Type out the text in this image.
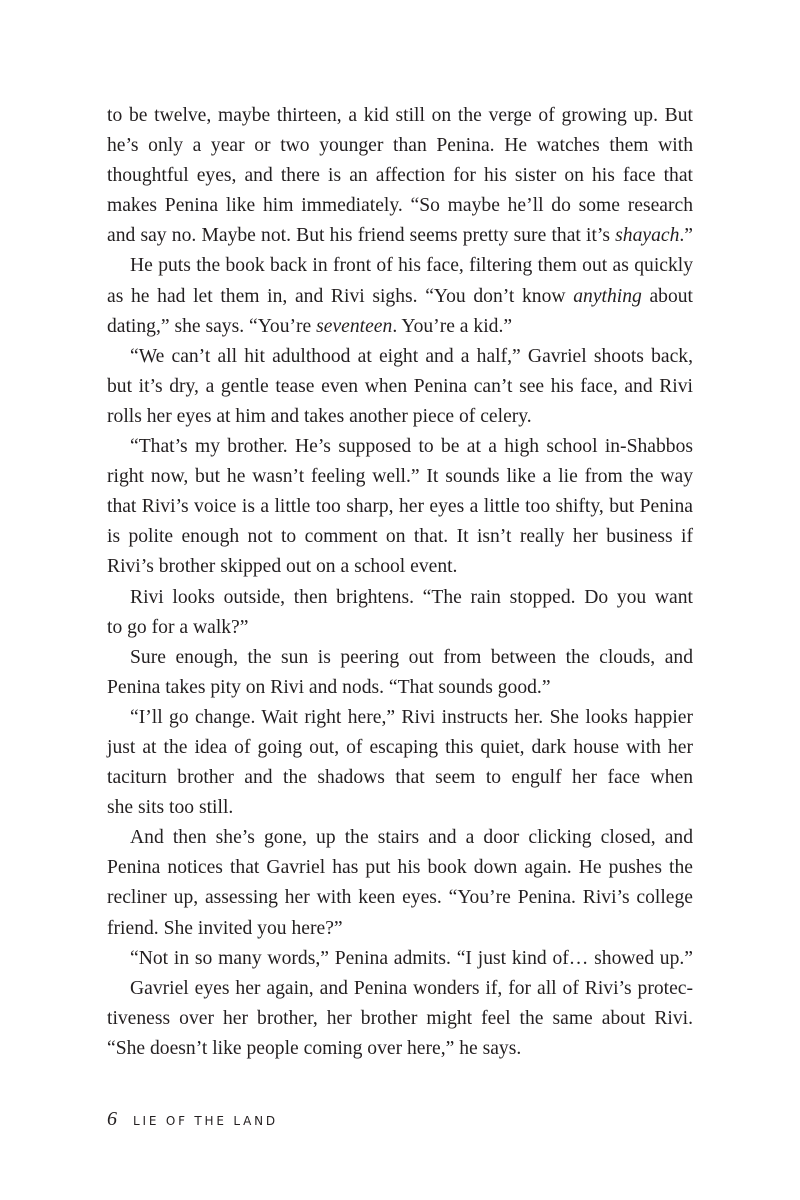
to be twelve, maybe thirteen, a kid still on the verge of growing up. But
he’s only a year or two younger than Penina. He watches them with
thoughtful eyes, and there is an affection for his sister on his face that
makes Penina like him immediately. “So maybe he’ll do some research
and say no. Maybe not. But his friend seems pretty sure that it’s shayach.”
He puts the book back in front of his face, filtering them out as quickly
as he had let them in, and Rivi sighs. “You don’t know anything about
dating,” she says. “You’re seventeen. You’re a kid.”
“We can’t all hit adulthood at eight and a half,” Gavriel shoots back,
but it’s dry, a gentle tease even when Penina can’t see his face, and Rivi
rolls her eyes at him and takes another piece of celery.
“That’s my brother. He’s supposed to be at a high school in-Shabbos
right now, but he wasn’t feeling well.” It sounds like a lie from the way
that Rivi’s voice is a little too sharp, her eyes a little too shifty, but Penina
is polite enough not to comment on that. It isn’t really her business if
Rivi’s brother skipped out on a school event.
Rivi looks outside, then brightens. “The rain stopped. Do you want
to go for a walk?”
Sure enough, the sun is peering out from between the clouds, and
Penina takes pity on Rivi and nods. “That sounds good.”
“I’ll go change. Wait right here,” Rivi instructs her. She looks happier
just at the idea of going out, of escaping this quiet, dark house with her
taciturn brother and the shadows that seem to engulf her face when
she sits too still.
And then she’s gone, up the stairs and a door clicking closed, and
Penina notices that Gavriel has put his book down again. He pushes the
recliner up, assessing her with keen eyes. “You’re Penina. Rivi’s college
friend. She invited you here?”
“Not in so many words,” Penina admits. “I just kind of… showed up.”
Gavriel eyes her again, and Penina wonders if, for all of Rivi’s protec-
tiveness over her brother, her brother might feel the same about Rivi.
“She doesn’t like people coming over here,” he says.
6 LIE OF THE LAND
